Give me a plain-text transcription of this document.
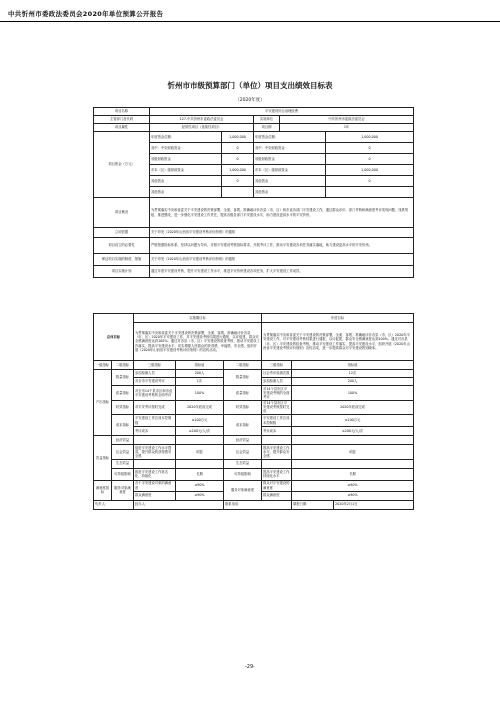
中共忻州市委政法委员会2020年单位预算公开报告
忻州市市级预算部门（单位）项目支出绩效目标表
（2020年度）
项目名称	平安建设综合治理经费				
主管部门及代码	127-中共忻州市委政法委员会		实施单位	中共忻州市委政法委员会	
项目属性	经常性项目（延续性项目）		项目期	1年	
项目资金（万元）	年度资金总额：	1,000,000	年度资金总额：		1,000,000
	其中：中央财政资金	0	其中：中央财政资金		0
	省级财政资金	0	省级财政资金		0
	市本（区）级财政资金	1,000,000	市本（区）级财政资金		1,000,000
	其他资金	0	其他资金		0
	其他资金		其他资金		
项目概况	为贯彻落实中央和省委关于平安建设的决策部署，全面、客观、准确地评价各县（市、区）和市直各部门平安建设工作，通过群众评价、部门考核和满意度考评发现问题、找准短板、推进整改，进一步强化平安建设工作责任，提高各级各部门平安建设水平，助力建设更高水平的平安忻州。				
立项依据	关于印发《2020年山西省平安建设考核评价细则》的通知				
项目设立的必要性	严格按照指标体系，坚持以问题为导向，对照平安建设考核指标要求，开展考评工作，推动平安建设各项任务落实落地，助力建设更高水平的平安忻州。				
保证项目实施的制度、措施	关于印发《2020年山西省平安建设考核评价细则》的通知				
项目实施计划	通过年度平安建设考核，提升平安建设工作水平，推进平安忻州建设各项任务，扩大平安建设工作成效。				
总体目标		实施期目标			年度目标		
		为贯彻落实中央和省委关于平安建设的决策部署，全面、客观、准确地评价各县（市、区）2020年平安建设工作，对平安建设考核结果进行通报，以评促建，群众安全感满意度达到100%。通过对各县（市、区）平安建设的检查考核，推动平安建设工作落实，提高平安建设水平，切实增强人民群众的获得感、幸福感、安全感，组织开展《2020年山西省平安建设考核评价细则》的宣传活动。			为贯彻落实中央和省委关于平安建设的决策部署，全面、客观、准确地评价各县（市、区）2020年平安建设工作，对平安建设考核结果进行通报，以评促建，群众安全感满意度达到100%。通过对各县（市、区）平安建设的检查考核，推动平安建设工作落实，提高平安建设水平，组织开展《2020年山西省平安建设考核评价细则》宣传活动，进一步提高群众对平安建设的知晓率。		
一级指标	二级指标	三级指标	指标值	二级指标	三级指标	指标值	
产出指标	数量指标	参加检测人员	200人	数量指标	社会考评检测次数	12次	
		对全市平安建设考评	1次		参加检测人员	200人	
	质量指标	对全市14个县市区和市直平安建设考核的全面考评	100%	质量指标	对14个县市区平安建设考核的全面考评	100%	
	时效指标	对平安考评按时完成	2020年底前完成	时效指标	对14个县市区平安建设考核按时完成	2020年底前完成	
	成本指标	平安建设工作总成本控制数	≤100万元	成本指标	平安建设工作总成本控制数	≤100万元	
		考评成本	≤200元/人/次		考评成本	≤200元/人/次	
效益指标	经济效益			经济效益			
	社会效益	促进平安建设工作水平提高，提升群众的获得感安全感	明显	社会效益	提高平安建设工作水平，提升群众安全感	明显	
	生态效益			生态效益			
	可持续影响	推进平安建设工作常态化、持续化	长期	可持续影响	提高平安建设工作持续化水平	长期	
满意度指标	服务对象满意度	各个平安建设对象的满意度	≥90%	服务对象满意度	群众对平安建设的满意度	≥90%	
		群众满意度	≥90%		群众满意度	≥90%	
负责人：		经办人：		联系电话：		填报日期：	2020年2月1日
-29-
